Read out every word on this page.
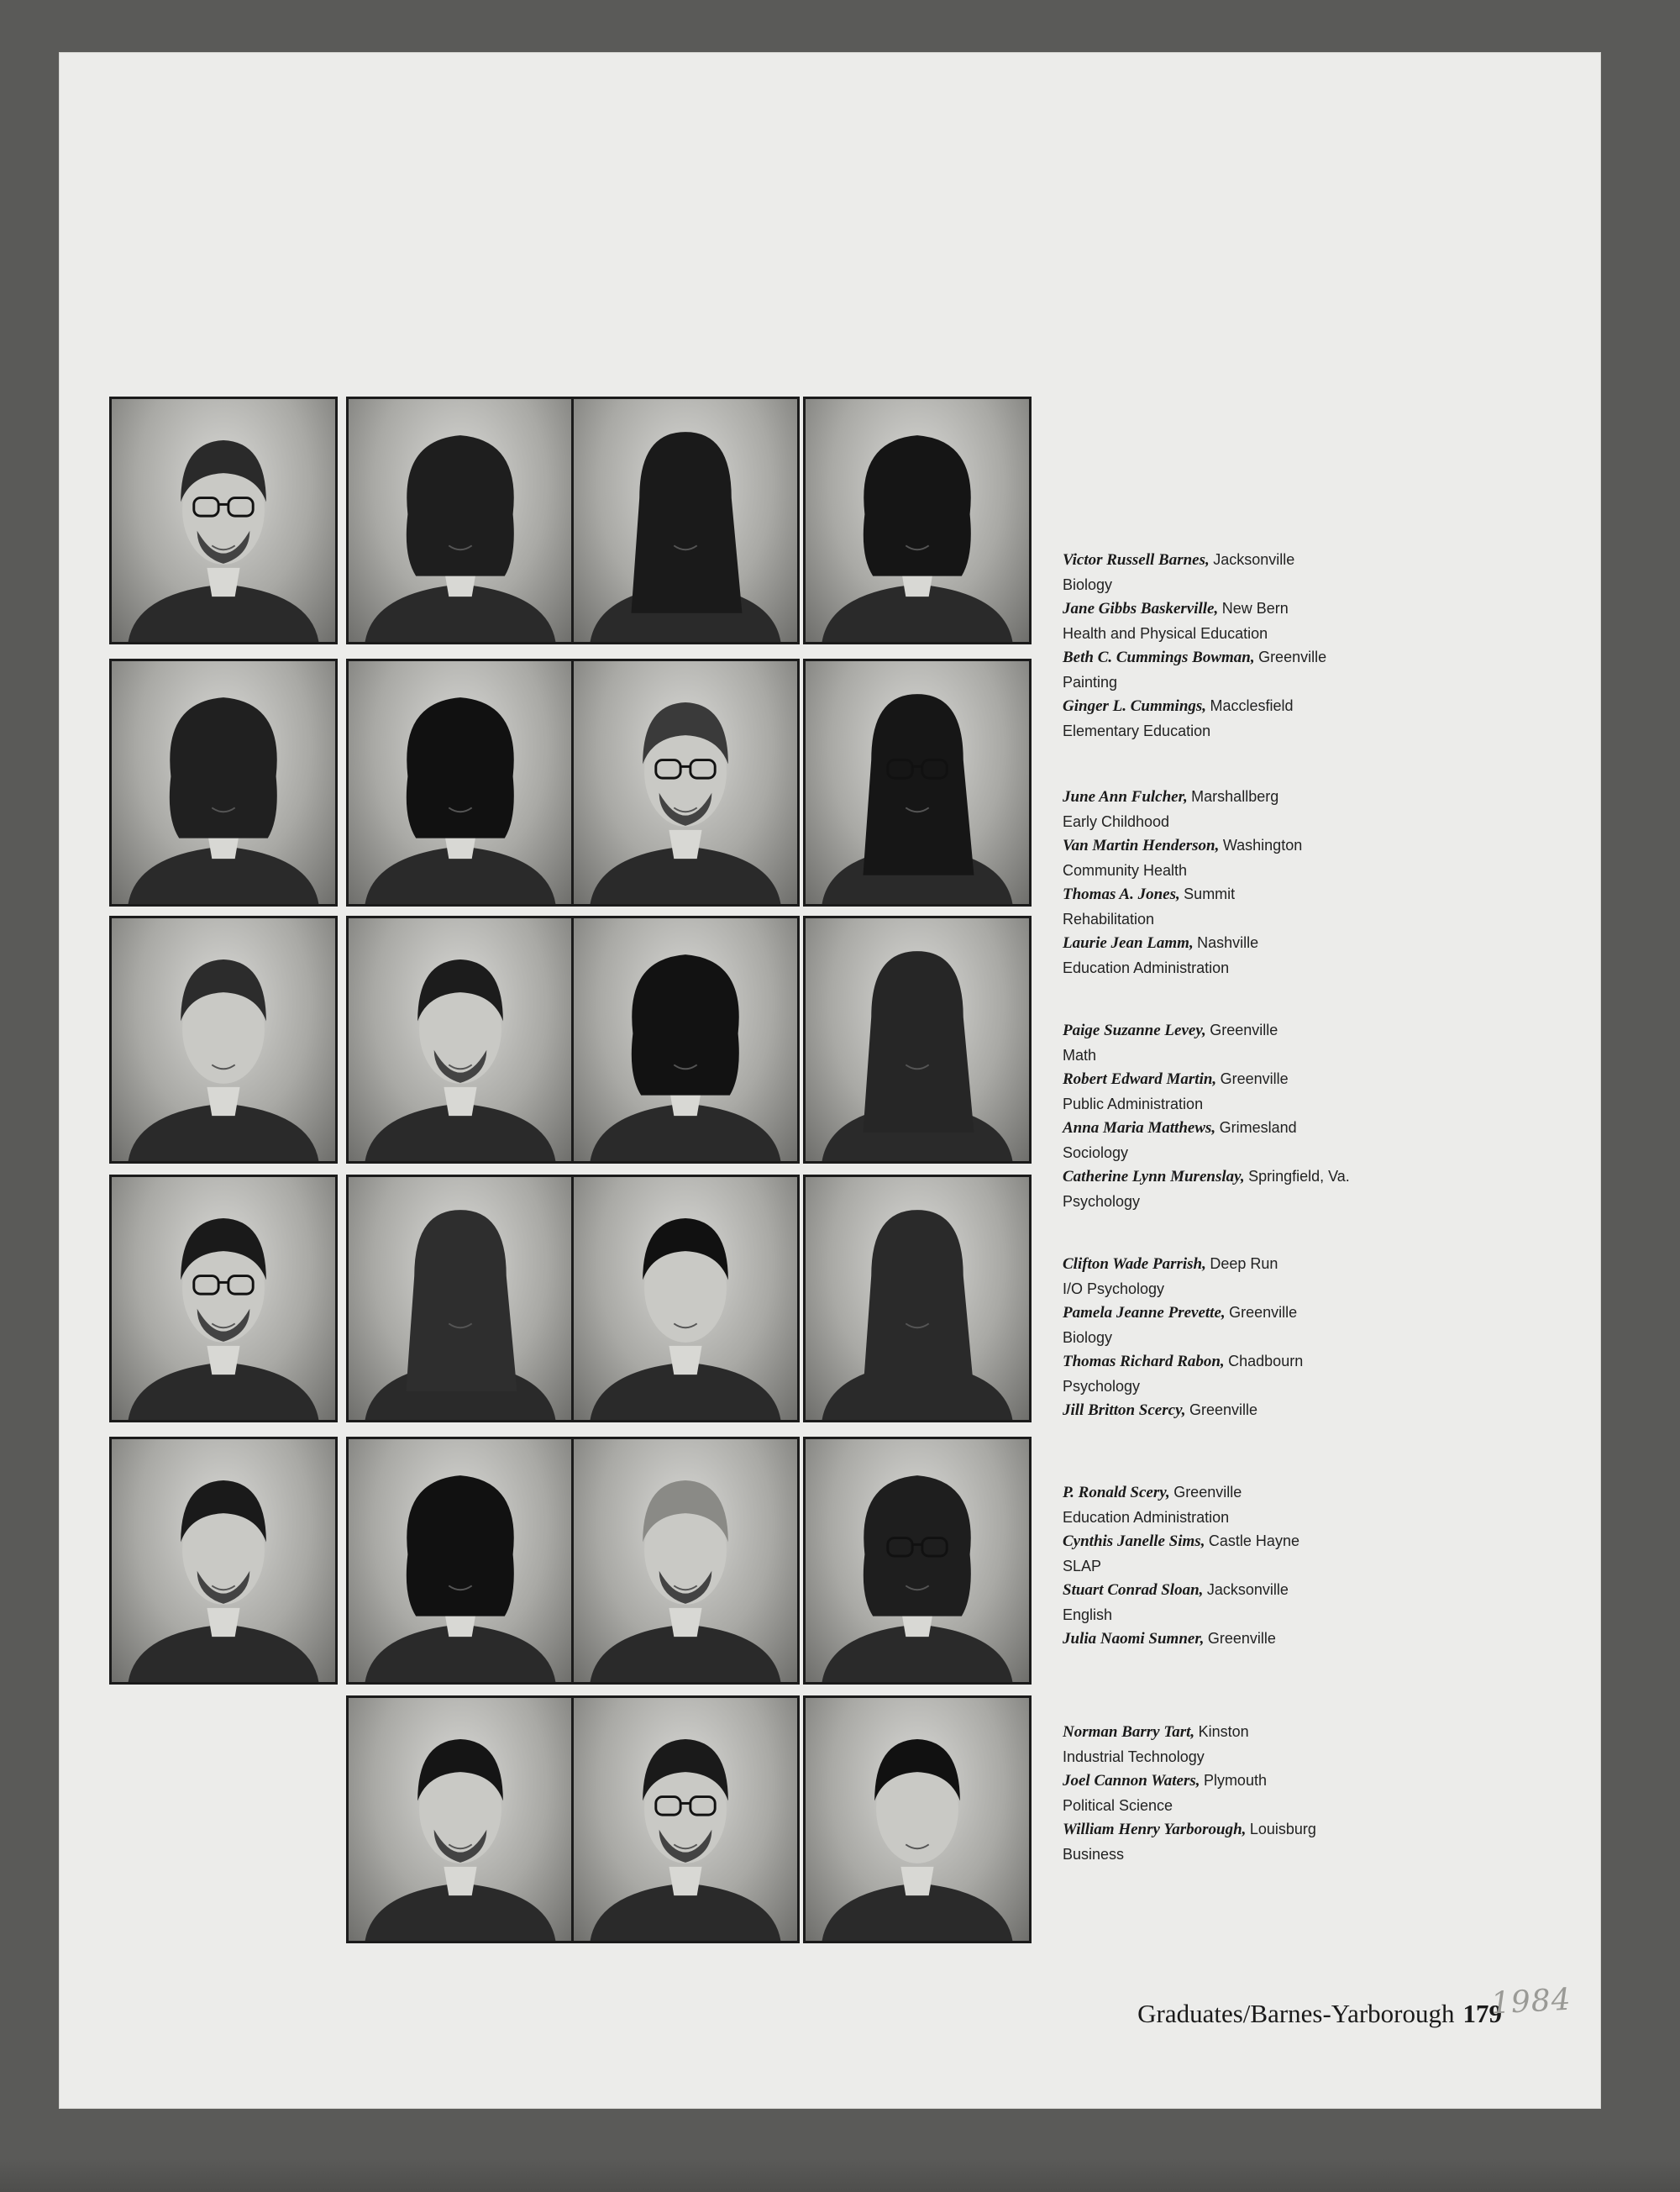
Victor Russell Barnes, Jacksonville
Biology
Jane Gibbs Baskerville, New Bern
Health and Physical Education
Beth C. Cummings Bowman, Greenville
Painting
Ginger L. Cummings, Macclesfield
Elementary Education
June Ann Fulcher, Marshallberg
Early Childhood
Van Martin Henderson, Washington
Community Health
Thomas A. Jones, Summit
Rehabilitation
Laurie Jean Lamm, Nashville
Education Administration
Paige Suzanne Levey, Greenville
Math
Robert Edward Martin, Greenville
Public Administration
Anna Maria Matthews, Grimesland
Sociology
Catherine Lynn Murenslay, Springfield, Va.
Psychology
Clifton Wade Parrish, Deep Run
I/O Psychology
Pamela Jeanne Prevette, Greenville
Biology
Thomas Richard Rabon, Chadbourn
Psychology
Jill Britton Scercy, Greenville
P. Ronald Scery, Greenville
Education Administration
Cynthis Janelle Sims, Castle Hayne
SLAP
Stuart Conrad Sloan, Jacksonville
English
Julia Naomi Sumner, Greenville
Norman Barry Tart, Kinston
Industrial Technology
Joel Cannon Waters, Plymouth
Political Science
William Henry Yarborough, Louisburg
Business
Graduates/Barnes-Yarborough 179
1984
